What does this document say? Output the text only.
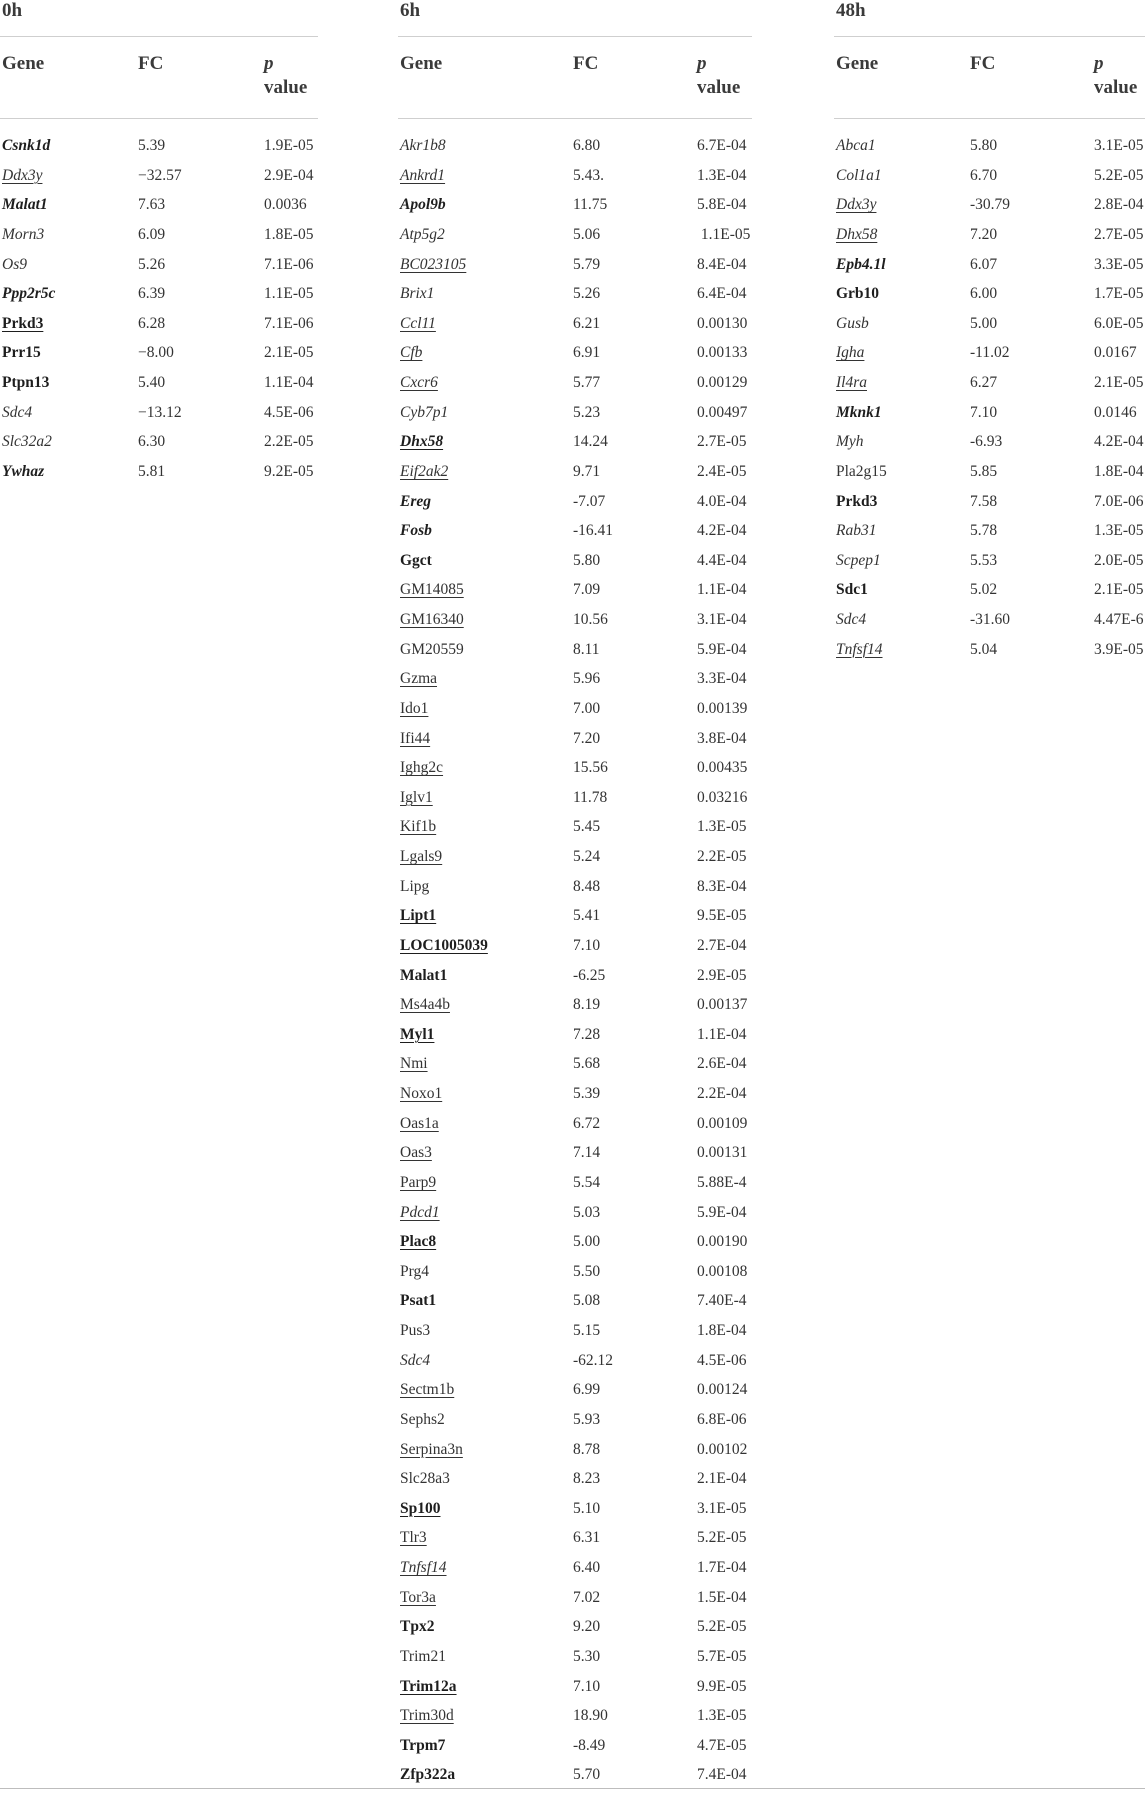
0h
Gene	FC	p
value
Csnk1d	5.39	1.9E-05
Ddx3y	−32.57	2.9E-04
Malat1	7.63	0.0036
Morn3	6.09	1.8E-05
Os9	5.26	7.1E-06
Ppp2r5c	6.39	1.1E-05
Prkd3	6.28	7.1E-06
Prr15	−8.00	2.1E-05
Ptpn13	5.40	1.1E-04
Sdc4	−13.12	4.5E-06
Slc32a2	6.30	2.2E-05
Ywhaz	5.81	9.2E-05
6h
Gene	FC	p
value
Akr1b8	6.80	6.7E-04
Ankrd1	5.43.	1.3E-04
Apol9b	11.75	5.8E-04
Atp5g2	5.06	1.1E-05
BC023105	5.79	8.4E-04
Brix1	5.26	6.4E-04
Ccl11	6.21	0.00130
Cfb	6.91	0.00133
Cxcr6	5.77	0.00129
Cyb7p1	5.23	0.00497
Dhx58	14.24	2.7E-05
Eif2ak2	9.71	2.4E-05
Ereg	-7.07	4.0E-04
Fosb	-16.41	4.2E-04
Ggct	5.80	4.4E-04
GM14085	7.09	1.1E-04
GM16340	10.56	3.1E-04
GM20559	8.11	5.9E-04
Gzma	5.96	3.3E-04
Ido1	7.00	0.00139
Ifi44	7.20	3.8E-04
Ighg2c	15.56	0.00435
Iglv1	11.78	0.03216
Kif1b	5.45	1.3E-05
Lgals9	5.24	2.2E-05
Lipg	8.48	8.3E-04
Lipt1	5.41	9.5E-05
LOC1005039	7.10	2.7E-04
Malat1	-6.25	2.9E-05
Ms4a4b	8.19	0.00137
Myl1	7.28	1.1E-04
Nmi	5.68	2.6E-04
Noxo1	5.39	2.2E-04
Oas1a	6.72	0.00109
Oas3	7.14	0.00131
Parp9	5.54	5.88E-4
Pdcd1	5.03	5.9E-04
Plac8	5.00	0.00190
Prg4	5.50	0.00108
Psat1	5.08	7.40E-4
Pus3	5.15	1.8E-04
Sdc4	-62.12	4.5E-06
Sectm1b	6.99	0.00124
Sephs2	5.93	6.8E-06
Serpina3n	8.78	0.00102
Slc28a3	8.23	2.1E-04
Sp100	5.10	3.1E-05
Tlr3	6.31	5.2E-05
Tnfsf14	6.40	1.7E-04
Tor3a	7.02	1.5E-04
Tpx2	9.20	5.2E-05
Trim21	5.30	5.7E-05
Trim12a	7.10	9.9E-05
Trim30d	18.90	1.3E-05
Trpm7	-8.49	4.7E-05
Zfp322a	5.70	7.4E-04
48h
Gene	FC	p
value
Abca1	5.80	3.1E-05
Col1a1	6.70	5.2E-05
Ddx3y	-30.79	2.8E-04
Dhx58	7.20	2.7E-05
Epb4.1l	6.07	3.3E-05
Grb10	6.00	1.7E-05
Gusb	5.00	6.0E-05
Igha	-11.02	0.0167
Il4ra	6.27	2.1E-05
Mknk1	7.10	0.0146
Myh	-6.93	4.2E-04
Pla2g15	5.85	1.8E-04
Prkd3	7.58	7.0E-06
Rab31	5.78	1.3E-05
Scpep1	5.53	2.0E-05
Sdc1	5.02	2.1E-05
Sdc4	-31.60	4.47E-6
Tnfsf14	5.04	3.9E-05
